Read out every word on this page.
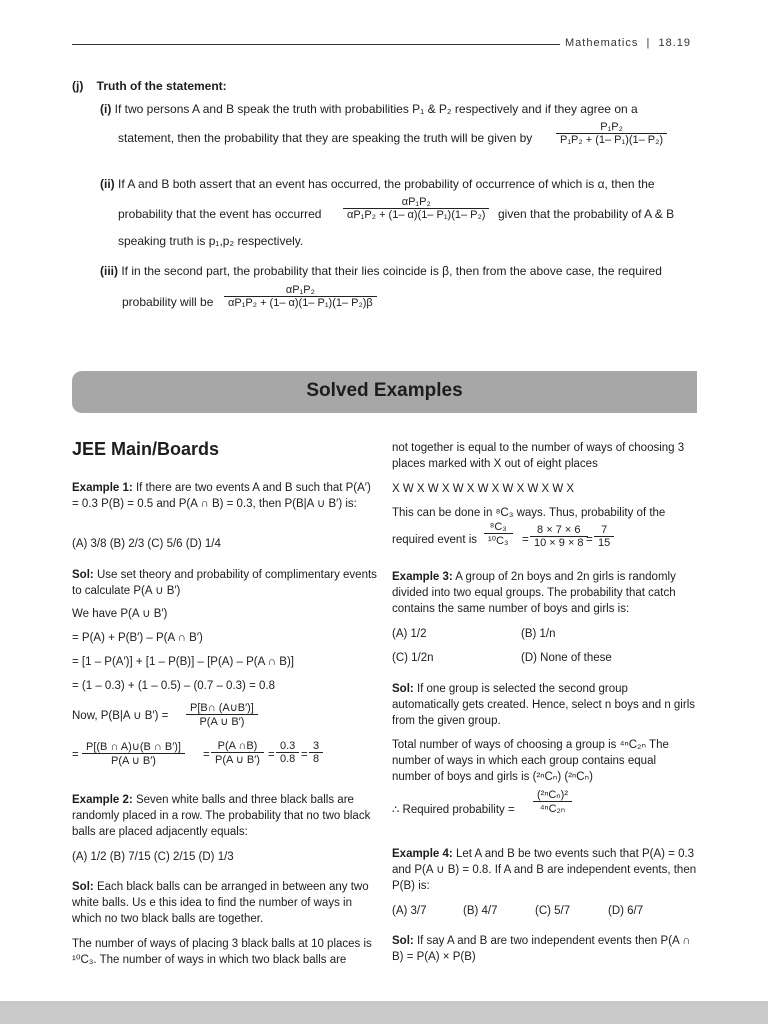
Mathematics  |  18.19
(j) Truth of the statement:
(i) If two persons A and B speak the truth with probabilities P₁ & P₂ respectively and if they agree on a
statement, then the probability that they are speaking the truth will be given by $\frac{\text{P₁P₂}}{\text{P₁P₂ + (1– P₁)(1– P₂)}}$
(ii) If A and B both assert that an event has occurred, the probability of occurrence of which is α, then the
probability that the event has occurred $\frac{\text{αP₁P₂}}{\text{αP₁P₂ + (1– α)(1– P₁)(1– P₂)}}$ given that the probability of A & B
speaking truth is p₁,p₂ respectively.
(iii) If in the second part, the probability that their lies coincide is β, then from the above case, the required
probability will be $\frac{\text{αP₁P₂}}{\text{αP₁P₂ + (1– α)(1– P₁)(1– P₂)β}}$
Solved Examples
JEE Main/Boards
Example 1: If there are two events A and B such that P(A′) = 0.3 P(B) = 0.5 and P(A ∩ B) = 0.3, then P(B|A ∪ B′) is:
(A) 3/8 (B) 2/3 (C) 5/6 (D) 1/4
Sol: Use set theory and probability of complimentary events to calculate P(A ∪ B′)
We have P(A ∪ B′)
= P(A) + P(B′) – P(A ∩ B′)
= [1 – P(A′)] + [1 – P(B)] – [P(A) – P(A ∩ B)]
= (1 – 0.3) + (1 – 0.5) – (0.7 – 0.3) = 0.8
Now, P(B|A ∪ $B') = \frac{P[B\cap (A\cup B')]}{P(A \cup B')}$
= $\frac{P[(B \cap A)\cup(B \cap B')]}{P(A \cup B')} = \frac{P(A \cap B)}{P(A \cup B')} = \frac{0.3}{0.8} = \frac{3}{8}$
Example 2: Seven white balls and three black balls are randomly placed in a row. The probability that no two black balls are placed adjacently equals:
(A) 1/2 (B) 7/15 (C) 2/15 (D) 1/3
Sol: Each black balls can be arranged in between any two white balls. Us e this idea to find the number of ways in which no two black balls are together.
The number of ways of placing 3 black balls at 10 places is ¹⁰C₃. The number of ways in which two black balls are
not together is equal to the number of ways of choosing 3 places marked with X out of eight places
X W X W X W X W X W X W X W X
This can be done in ⁸C₃ ways. Thus, probability of the
required event is $\frac{\text{⁸C₃}}{\text{¹⁰C₃}} = \frac{8 \times 7 \times 6}{10 \times 9 \times 8}$
= $\frac{7}{15}$
Example 3: A group of 2n boys and 2n girls is randomly divided into two equal groups. The probability that catch contains the same number of boys and girls is:
(A) 1/2	(B) 1/n
(C) 1/2n	(D) None of these
Sol: If one group is selected the second group automatically gets created. Hence, select n boys and n girls from the given group.
Total number of ways of choosing a group is ⁴ⁿC₂ₙ The number of ways in which each group contains equal number of boys and girls is (²ⁿCₙ) (²ⁿCₙ)
∴ Required probability =
(²ⁿCₙ)²
⁴ⁿC₂ₙ
Example 4: Let A and B be two events such that P(A) = 0.3 and P(A ∪ B) = 0.8. If A and B are independent events, then P(B) is:
(A) 3/7	(B) 4/7	(C) 5/7	(D) 6/7
Sol: If say A and B are two independent events then P(A ∩ B) = P(A) × P(B)
